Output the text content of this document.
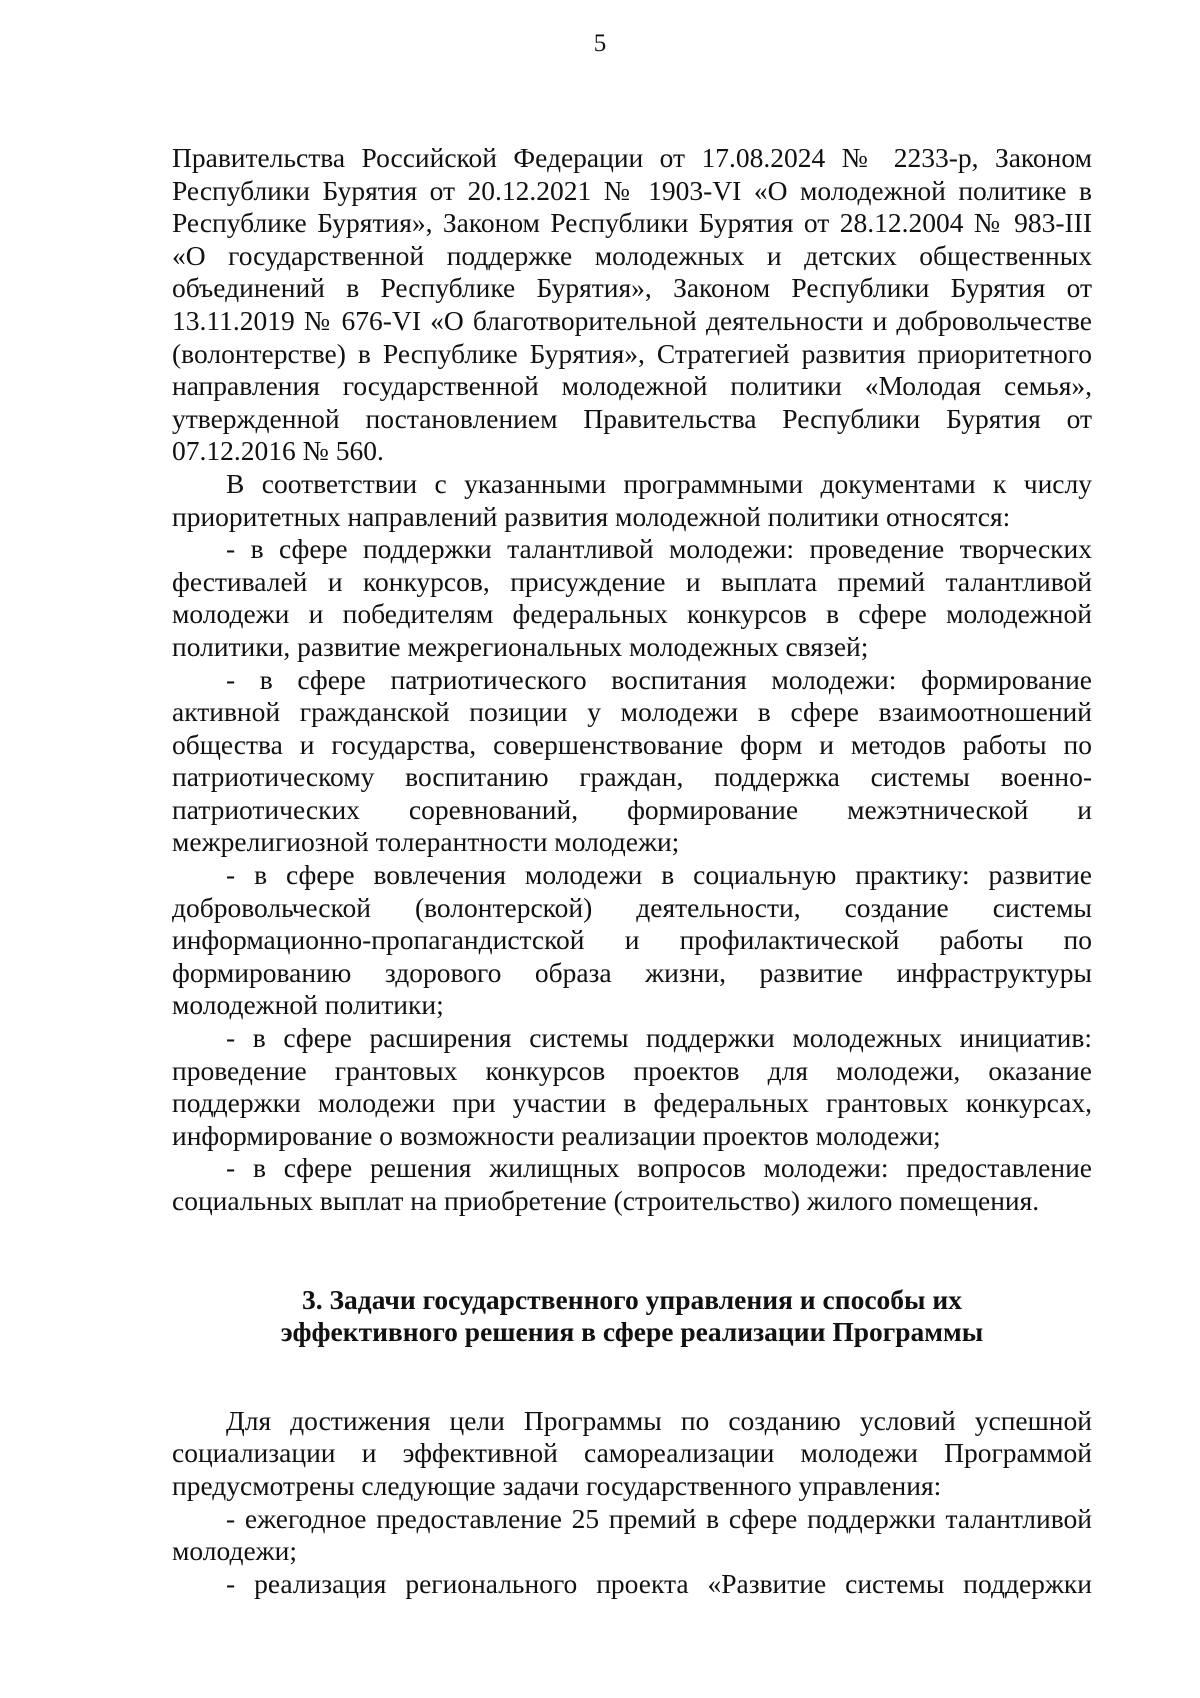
5

Правительства Российской Федерации от 17.08.2024 № 2233-р, Законом Республики Бурятия от 20.12.2021 № 1903-VI «О молодежной политике в Республике Бурятия», Законом Республики Бурятия от 28.12.2004 № 983-III «О государственной поддержке молодежных и детских общественных объединений в Республике Бурятия», Законом Республики Бурятия от 13.11.2019 № 676-VI «О благотворительной деятельности и добровольчестве (волонтерстве) в Республике Бурятия», Стратегией развития приоритетного направления государственной молодежной политики «Молодая семья», утвержденной постановлением Правительства Республики Бурятия от 07.12.2016 № 560.

В соответствии с указанными программными документами к числу приоритетных направлений развития молодежной политики относятся:

- в сфере поддержки талантливой молодежи: проведение творческих фестивалей и конкурсов, присуждение и выплата премий талантливой молодежи и победителям федеральных конкурсов в сфере молодежной политики, развитие межрегиональных молодежных связей;

- в сфере патриотического воспитания молодежи: формирование активной гражданской позиции у молодежи в сфере взаимоотношений общества и государства, совершенствование форм и методов работы по патриотическому воспитанию граждан, поддержка системы военно-патриотических соревнований, формирование межэтнической и межрелигиозной толерантности молодежи;

- в сфере вовлечения молодежи в социальную практику: развитие добровольческой (волонтерской) деятельности, создание системы информационно-пропагандистской и профилактической работы по формированию здорового образа жизни, развитие инфраструктуры молодежной политики;

- в сфере расширения системы поддержки молодежных инициатив: проведение грантовых конкурсов проектов для молодежи, оказание поддержки молодежи при участии в федеральных грантовых конкурсах, информирование о возможности реализации проектов молодежи;

- в сфере решения жилищных вопросов молодежи: предоставление социальных выплат на приобретение (строительство) жилого помещения.

3. Задачи государственного управления и способы их
эффективного решения в сфере реализации Программы

Для достижения цели Программы по созданию условий успешной социализации и эффективной самореализации молодежи Программой предусмотрены следующие задачи государственного управления:

- ежегодное предоставление 25 премий в сфере поддержки талантливой молодежи;

- реализация регионального проекта «Развитие системы поддержки
